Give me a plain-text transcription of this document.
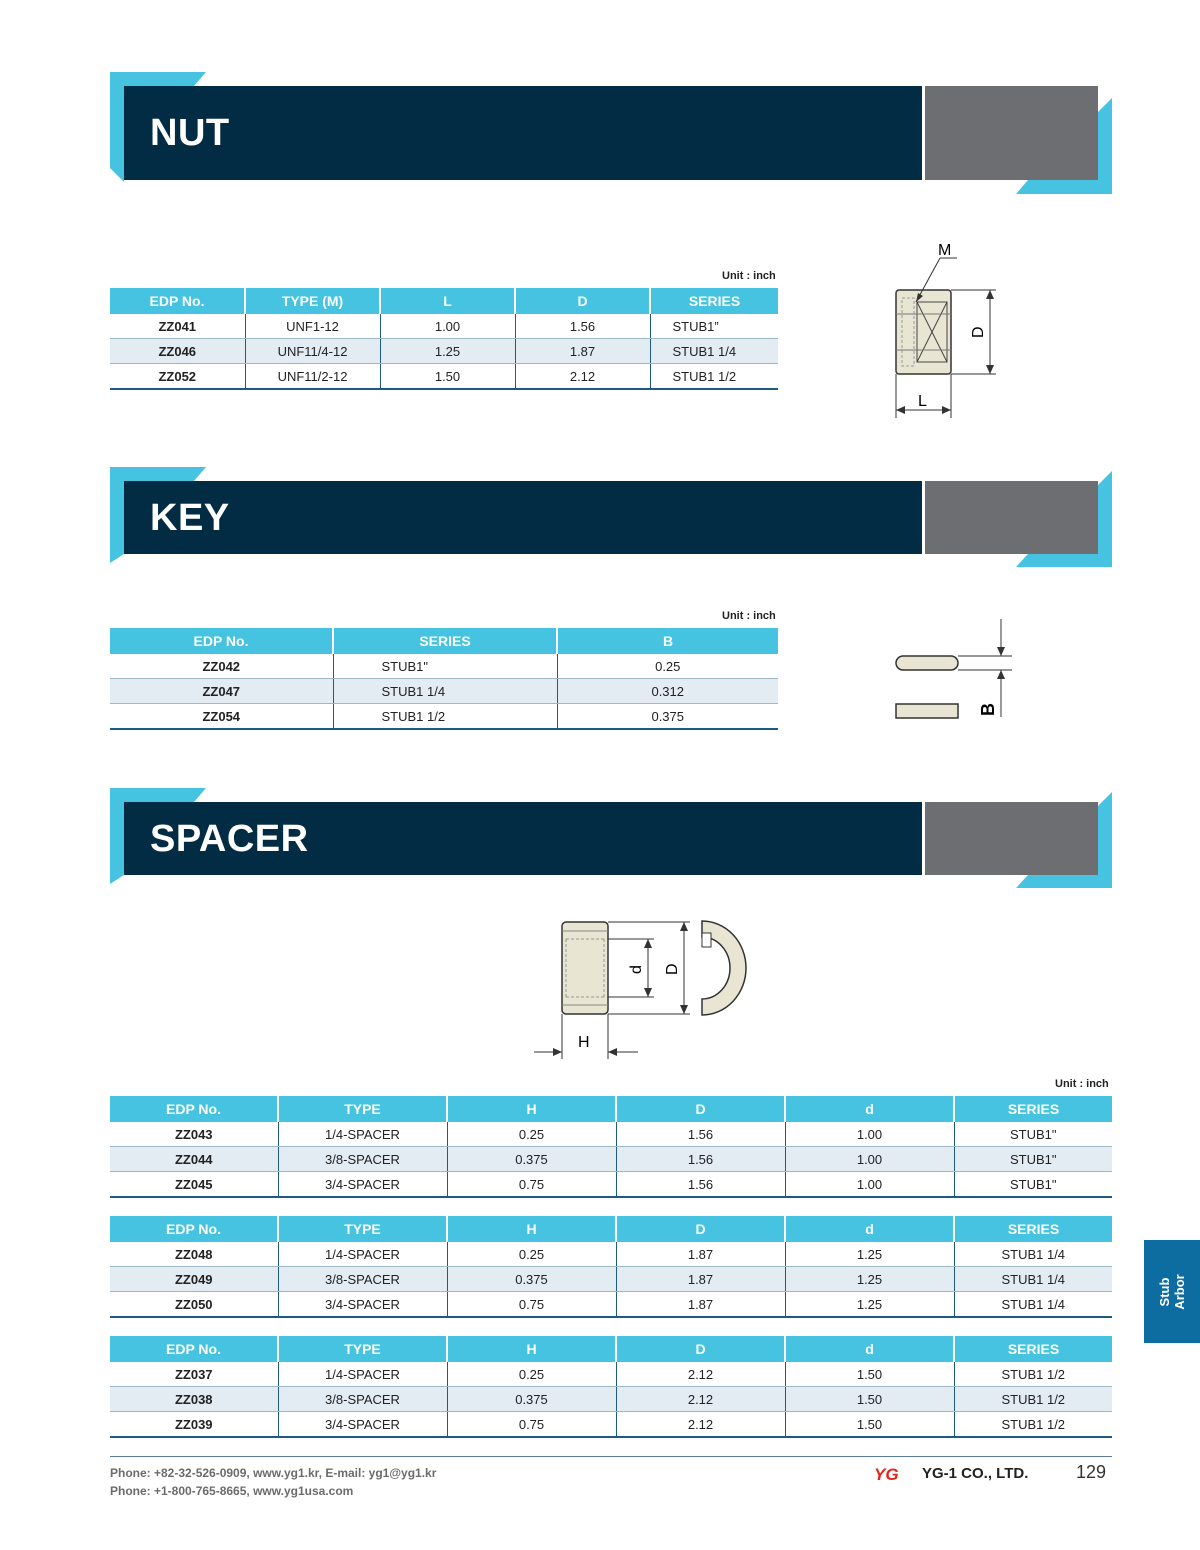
NUT
Unit : inch
EDP No.	TYPE (M)	L	D	SERIES
ZZ041	UNF1-12	1.00	1.56	STUB1”
ZZ046	UNF11/4-12	1.25	1.87	STUB1 1/4
ZZ052	UNF11/2-12	1.50	2.12	STUB1 1/2
M
D
L
KEY
Unit : inch
EDP No.	SERIES	B
ZZ042	STUB1"	0.25
ZZ047	STUB1 1/4	0.312
ZZ054	STUB1 1/2	0.375	B
SPACER
d D
H
Unit : inch
EDP No.	TYPE	H	D	d	SERIES
ZZ043	1/4-SPACER	0.25	1.56	1.00	STUB1"
ZZ044	3/8-SPACER	0.375	1.56	1.00	STUB1"
ZZ045	3/4-SPACER	0.75	1.56	1.00	STUB1"
EDP No.	TYPE	H	D	d	SERIES
ZZ048	1/4-SPACER	0.25	1.87	1.25	STUB1 1/4
ZZ049	3/8-SPACER	0.375	1.87	1.25	STUB1 1/4
ZZ050	3/4-SPACER	0.75	1.87	1.25	STUB1 1/4
EDP No.	TYPE	H	D	d	SERIES
ZZ037	1/4-SPACER	0.25	2.12	1.50	STUB1 1/2
ZZ038	3/8-SPACER	0.375	2.12	1.50	STUB1 1/2
ZZ039	3/4-SPACER	0.75	2.12	1.50	STUB1 1/2
Stub
Arbor
Phone: +82-32-526-0909, www.yg1.kr, E-mail: yg1@yg1.kr
Phone: +1-800-765-8665, www.yg1usa.com
YG YG-1 CO., LTD.	129
